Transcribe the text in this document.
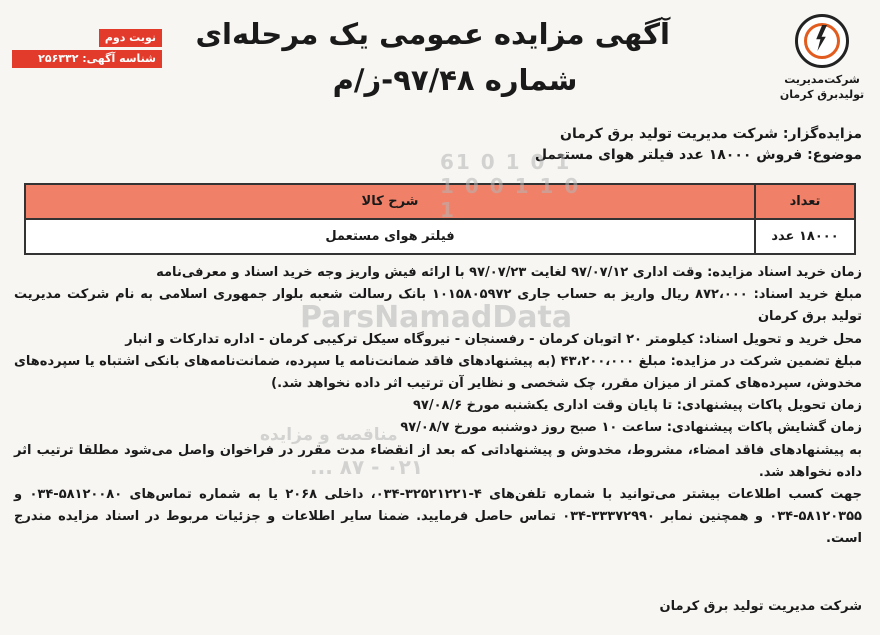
شرکت‌مدیریت
تولید‌برق کرمان
آگهی مزایده عمومی یک مرحله‌ای
شماره ۹۷/۴۸-ز/م
نوبت دوم
شناسه آگهی: ۲۵۶۳۳۲
مزایده‌گزار: شرکت مدیریت تولید برق کرمان
موضوع: فروش ۱۸۰۰۰ عدد فیلتر هوای مستعمل
تعداد	شرح کالا
۱۸۰۰۰ عدد	فیلتر هوای مستعمل

زمان خرید اسناد مزایده: وقت اداری ۹۷/۰۷/۱۲ لغایت ۹۷/۰۷/۲۳ با ارائه فیش واریز وجه خرید اسناد و معرفی‌نامه

مبلغ خرید اسناد: ۸۷۲،۰۰۰ ریال واریز به حساب جاری ۱۰۱۵۸۰۵۹۷۲ بانک رسالت شعبه بلوار جمهوری اسلامی به نام شرکت مدیریت تولید برق کرمان

محل خرید و تحویل اسناد: کیلومتر ۲۰ اتوبان کرمان - رفسنجان - نیروگاه سیکل ترکیبی کرمان - اداره تدارکات و انبار

مبلغ تضمین شرکت در مزایده: مبلغ ۴۳،۲۰۰،۰۰۰ (به پیشنهادهای فاقد ضمانت‌نامه یا سپرده، ضمانت‌نامه‌های بانکی اشتباه یا سپرده‌های مخدوش، سپرده‌های کمتر از میزان مقرر، چک شخصی و نظایر آن ترتیب اثر داده نخواهد شد.)

زمان تحویل پاکات پیشنهادی: تا پایان وقت اداری یکشنبه مورخ ۹۷/۰۸/۶

زمان گشایش پاکات پیشنهادی: ساعت ۱۰ صبح روز دوشنبه مورخ ۹۷/۰۸/۷

به پیشنهادهای فاقد امضاء، مشروط، مخدوش و پیشنهاداتی که بعد از انقضاء مدت مقرر در فراخوان واصل می‌شود مطلقا ترتیب اثر داده نخواهد شد.

جهت کسب اطلاعات بیشتر می‌توانید با شماره تلفن‌های ۴-۳۲۵۲۱۲۲۱-۰۳۴، داخلی ۲۰۶۸ یا به شماره تماس‌های ۵۸۱۲۰۰۸۰-۰۳۴ و ۵۸۱۲۰۳۵۵-۰۳۴ و همچنین نمابر ۳۳۳۷۲۹۹۰-۰۳۴ تماس حاصل فرمایید. ضمنا سایر اطلاعات و جزئیات مربوط در اسناد مزایده مندرج است.

شرکت مدیریت تولید برق کرمان
61 0 1 0 1 1 0 0 1 1 0 1
ParsNamadData
مناقصه و مزایده
۰۲۱ - ۸۷ ...
